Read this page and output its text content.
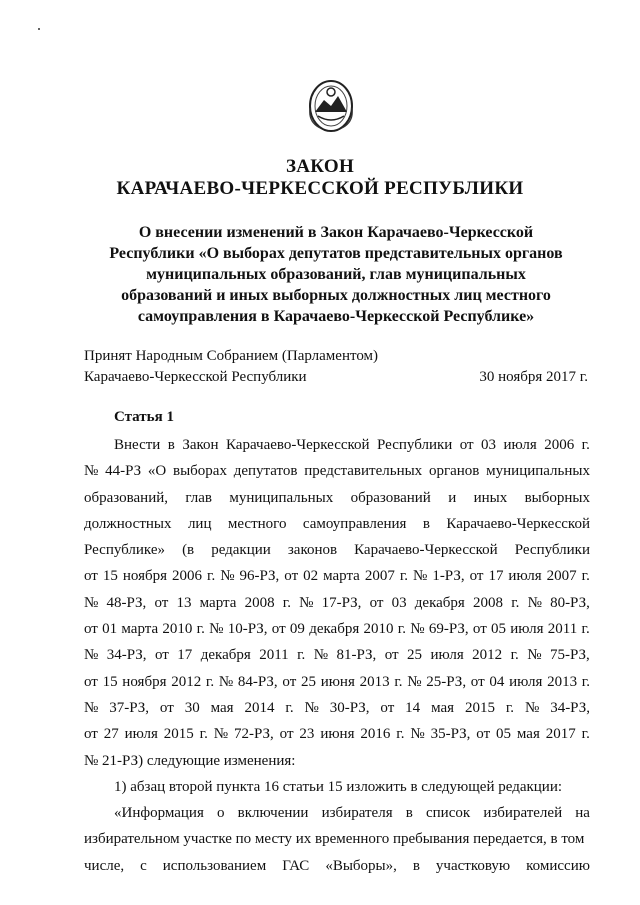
ЗАКОН
КАРАЧАЕВО-ЧЕРКЕССКОЙ РЕСПУБЛИКИ
О внесении изменений в Закон Карачаево-Черкесской
Республики «О выборах депутатов представительных органов
муниципальных образований, глав муниципальных
образований и иных выборных должностных лиц местного
самоуправления в Карачаево-Черкесской Республике»
Принят Народным Собранием (Парламентом)
Карачаево-Черкесской Республики	30 ноября 2017 г.
Статья 1
Внести в Закон Карачаево-Черкесской Республики от 03 июля 2006 г.
№ 44-РЗ «О выборах депутатов представительных органов муниципальных
образований, глав муниципальных образований и иных выборных
должностных лиц местного самоуправления в Карачаево-Черкесской
Республике» (в редакции законов Карачаево-Черкесской Республики
от 15 ноября 2006 г. № 96-РЗ, от 02 марта 2007 г. № 1-РЗ, от 17 июля 2007 г.
№ 48-РЗ, от 13 марта 2008 г. № 17-РЗ, от 03 декабря 2008 г. № 80-РЗ,
от 01 марта 2010 г. № 10-РЗ, от 09 декабря 2010 г. № 69-РЗ, от 05 июля 2011 г.
№ 34-РЗ, от 17 декабря 2011 г. № 81-РЗ, от 25 июля 2012 г. № 75-РЗ,
от 15 ноября 2012 г. № 84-РЗ, от 25 июня 2013 г. № 25-РЗ, от 04 июля 2013 г.
№ 37-РЗ, от 30 мая 2014 г. № 30-РЗ, от 14 мая 2015 г. № 34-РЗ,
от 27 июля 2015 г. № 72-РЗ, от 23 июня 2016 г. № 35-РЗ, от 05 мая 2017 г.
№ 21-РЗ) следующие изменения:
1) абзац второй пункта 16 статьи 15 изложить в следующей редакции:
«Информация о включении избирателя в список избирателей на
избирательном участке по месту их временного пребывания передается, в том
числе, с использованием ГАС «Выборы», в участковую комиссию
